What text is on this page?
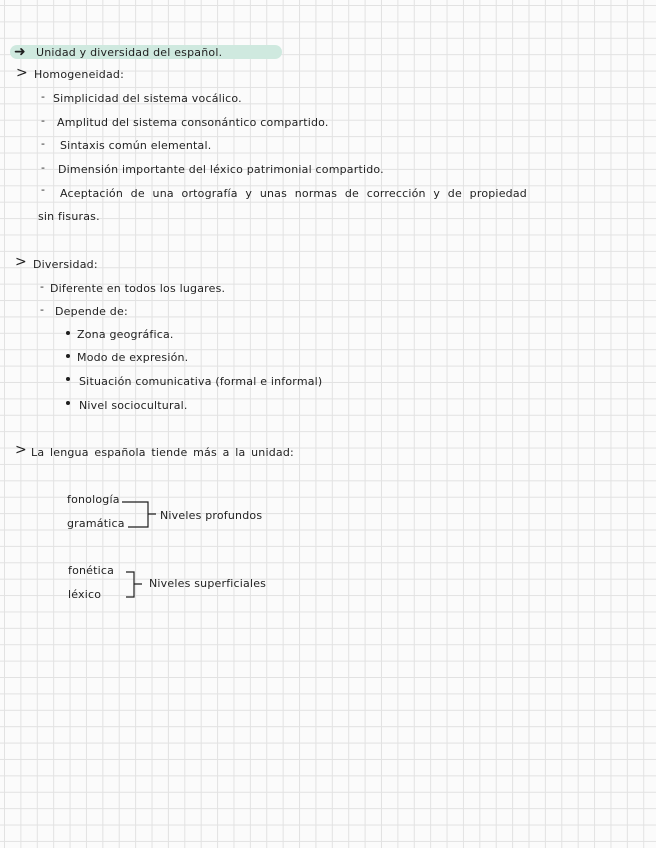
➜ Unidad y diversidad del español.
> Homogeneidad:
- Simplicidad del sistema vocálico.
- Amplitud del sistema consonántico compartido.
- Sintaxis común elemental.
- Dimensión importante del léxico patrimonial compartido.
- Aceptación de una ortografía y unas normas de corrección y de propiedad
sin fisuras.
> Diversidad:
- Diferente en todos los lugares.
- Depende de:
Zona geográfica.
Modo de expresión.
Situación comunicativa (formal e informal)
Nivel sociocultural.
> La lengua española tiende más a la unidad:
fonología
gramática
Niveles profundos
fonética
léxico
Niveles superficiales
